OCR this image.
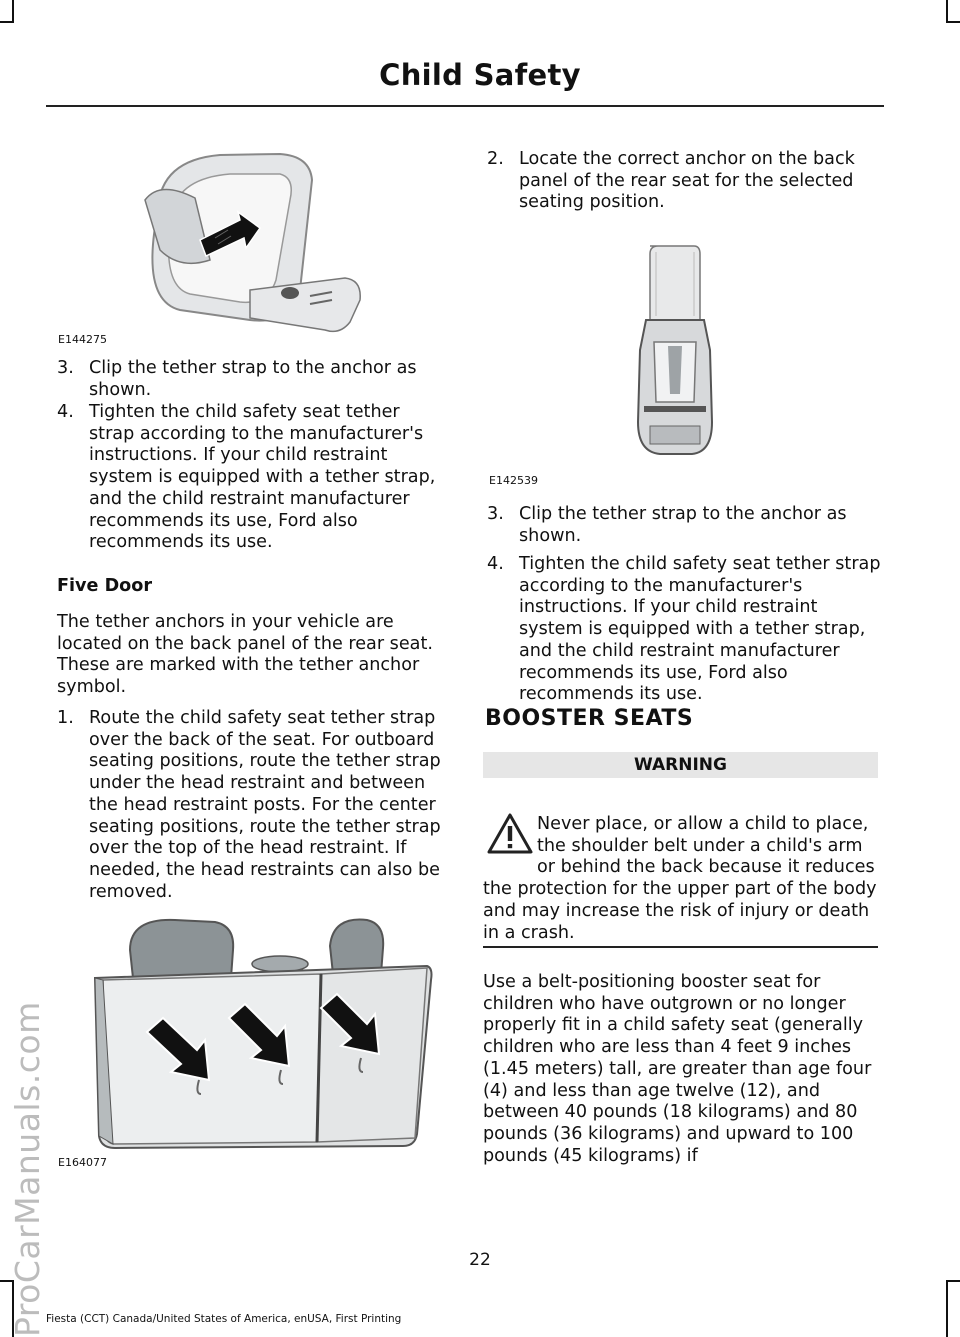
Child Safety
ProCarManuals.com
E144275
3. Clip the tether strap to the anchor as shown.
4. Tighten the child safety seat tether strap according to the manufacturer's instructions. If your child restraint system is equipped with a tether strap, and the child restraint manufacturer recommends its use, Ford also recommends its use.
Five Door
The tether anchors in your vehicle are located on the back panel of the rear seat. These are marked with the tether anchor symbol.
1. Route the child safety seat tether strap over the back of the seat. For outboard seating positions, route the tether strap under the head restraint and between the head restraint posts. For the center seating positions, route the tether strap over the top of the head restraint. If needed, the head restraints can also be removed.
E164077
2. Locate the correct anchor on the back panel of the rear seat for the selected seating position.
E142539
3. Clip the tether strap to the anchor as shown.
4. Tighten the child safety seat tether strap according to the manufacturer's instructions. If your child restraint system is equipped with a tether strap, and the child restraint manufacturer recommends its use, Ford also recommends its use.
BOOSTER SEATS
WARNING
Never place, or allow a child to place, the shoulder belt under a child's arm or behind the back because it reduces the protection for the upper part of the body and may increase the risk of injury or death in a crash.
Use a belt-positioning booster seat for children who have outgrown or no longer properly fit in a child safety seat (generally children who are less than 4 feet 9 inches (1.45 meters) tall, are greater than age four (4) and less than age twelve (12), and between 40 pounds (18 kilograms) and 80 pounds (36 kilograms) and upward to 100 pounds (45 kilograms) if
22
Fiesta (CCT) Canada/United States of America, enUSA, First Printing
